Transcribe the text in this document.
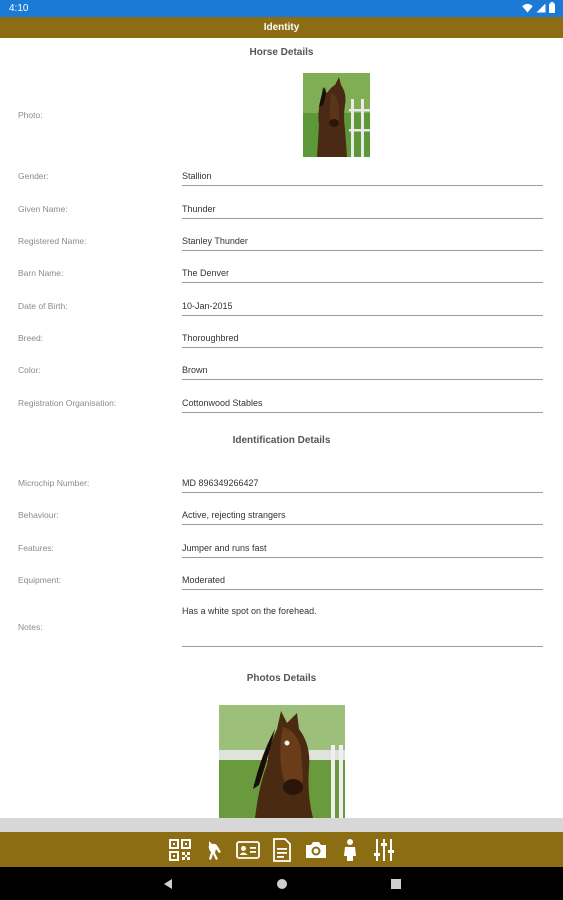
4:10
Identity
Horse Details
Photo:
Gender:	Stallion
Given Name:	Thunder
Registered Name:	Stanley Thunder
Barn Name:	The Denver
Date of Birth:	10-Jan-2015
Breed:	Thoroughbred
Color:	Brown
Registration Organisation:	Cottonwood Stables
Identification Details
Microchip Number:	MD 896349266427
Behaviour:	Active, rejecting strangers
Features:	Jumper and runs fast
Equipment:	Moderated
Notes:
Has a white spot on the forehead.
Photos Details
